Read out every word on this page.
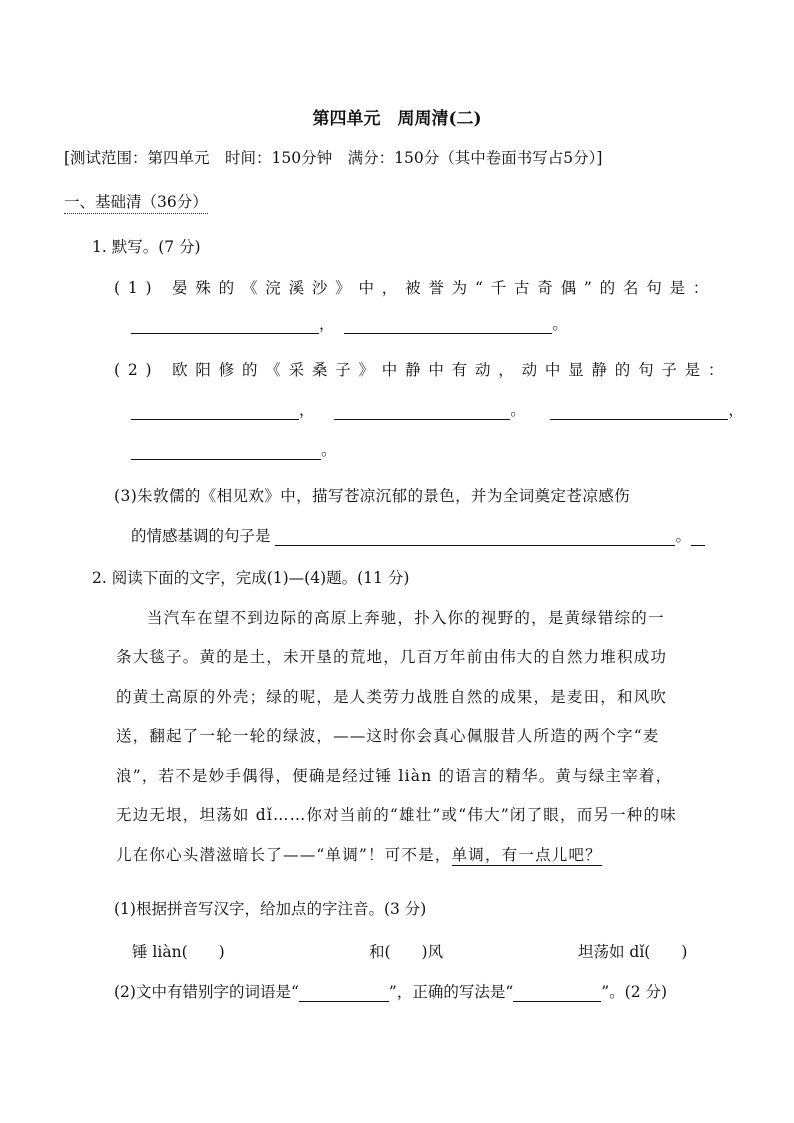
第四单元　周周清(二)
[测试范围：第四单元　时间：150分钟　满分：150分（其中卷面书写占5分）]
一、基础清（36分）
1. 默写。(7 分)
(1) 晏殊的《浣溪沙》中，被誉为“千古奇偶”的名句是：
，	。
(2) 欧阳修的《采桑子》中静中有动，动中显静的句子是：
，	。	，
。
(3)朱敦儒的《相见欢》中，描写苍凉沉郁的景色，并为全词奠定苍凉感伤
的情感基调的句子是	。
2. 阅读下面的文字，完成(1)—(4)题。(11 分)
当汽车在望不到边际的高原上奔驰，扑入你的视野的，是黄绿错综的一
条大毯子。黄的是土，未开垦的荒地，几百万年前由伟大的自然力堆积成功
的黄土高原的外壳；绿的呢，是人类劳力战胜自然的成果，是麦田，和风吹
送，翻起了一轮一轮的绿波，——这时你会真心佩服昔人所造的两个字“麦
浪”，若不是妙手偶得，便确是经过锤 liàn 的语言的精华。黄与绿主宰着，
无边无垠，坦荡如 dǐ……你对当前的“雄壮”或“伟大”闭了眼，而另一种的味
儿在你心头潜滋暗长了——“单调”！可不是，单调，有一点儿吧？
(1)根据拼音写汉字，给加点的字注音。(3 分)
锤 liàn(　　)	和(　　)风	坦荡如 dǐ(　　)
(2)文中有错别字的词语是“	”，正确的写法是“	”。(2 分)
